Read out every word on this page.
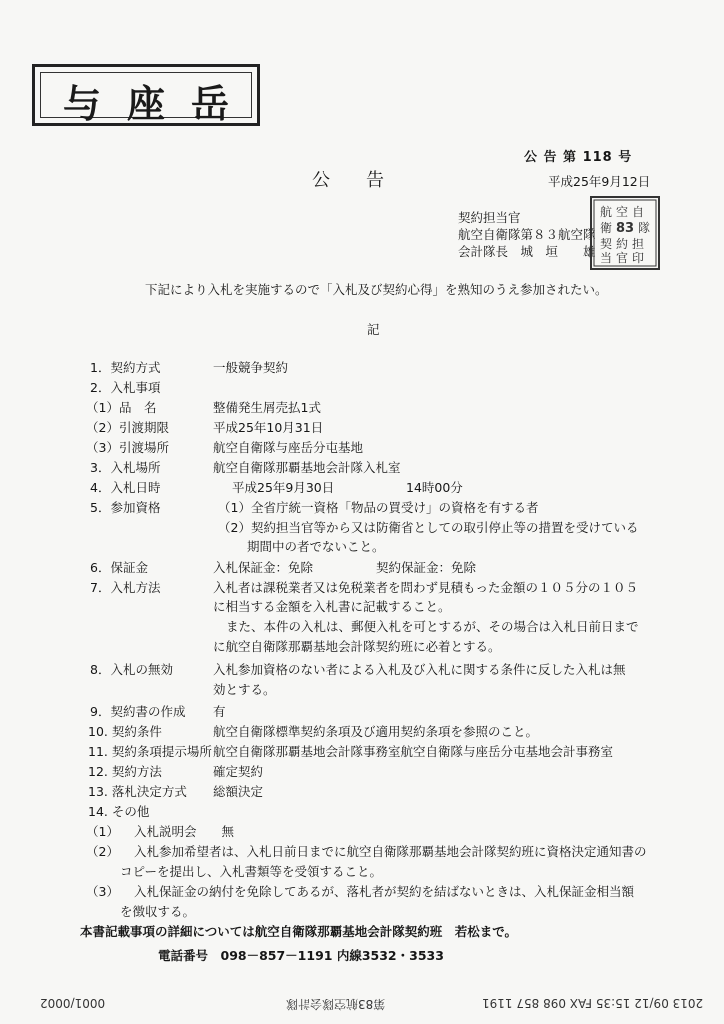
与座岳
公 告 第 118 号
公　　告	平成25年9月12日
契約担当官
航空自衛隊第８３航空隊
会計隊長　城　垣　　雄
航 空 自
衛 83 隊
契 約 担
当 官 印
下記により入札を実施するので「入札及び契約心得」を熟知のうえ参加されたい。
記
1．契約方式	一般競争契約
2．入札事項
（1）品　名	整備発生屑売払1式
（2）引渡期限	平成25年10月31日
（3）引渡場所	航空自衛隊与座岳分屯基地
3．入札場所	航空自衛隊那覇基地会計隊入札室
4．入札日時	平成25年9月30日	14時00分
5．参加資格	（1）全省庁統一資格「物品の買受け」の資格を有する者
（2）契約担当官等から又は防衛省としての取引停止等の措置を受けている
期間中の者でないこと。
6．保証金	入札保証金：免除	契約保証金：免除
7．入札方法	入札者は課税業者又は免税業者を問わず見積もった金額の１０５分の１０５
に相当する金額を入札書に記載すること。
また、本件の入札は、郵便入札を可とするが、その場合は入札日前日まで
に航空自衛隊那覇基地会計隊契約班に必着とする。
8．入札の無効	入札参加資格のない者による入札及び入札に関する条件に反した入札は無
効とする。
9．契約書の作成 有
10. 契約条件	航空自衛隊標準契約条項及び適用契約条項を参照のこと。
11. 契約条項提示場所 航空自衛隊那覇基地会計隊事務室航空自衛隊与座岳分屯基地会計事務室
12. 契約方法	確定契約
13. 落札決定方式 総額決定
14. その他
（1） 入札説明会　　無
（2） 入札参加希望者は、入札日前日までに航空自衛隊那覇基地会計隊契約班に資格決定通知書の
コピーを提出し、入札書類等を受領すること。
（3） 入札保証金の納付を免除してあるが、落札者が契約を結ばないときは、入札保証金相当額
を徴収する。
本書記載事項の詳細については航空自衛隊那覇基地会計隊契約班　若松まで。
電話番号　098－857－1191 内線3532・3533
2013 09/12 15:35 FAX 098 857 1191
第83航空隊会計隊
0001/0002
